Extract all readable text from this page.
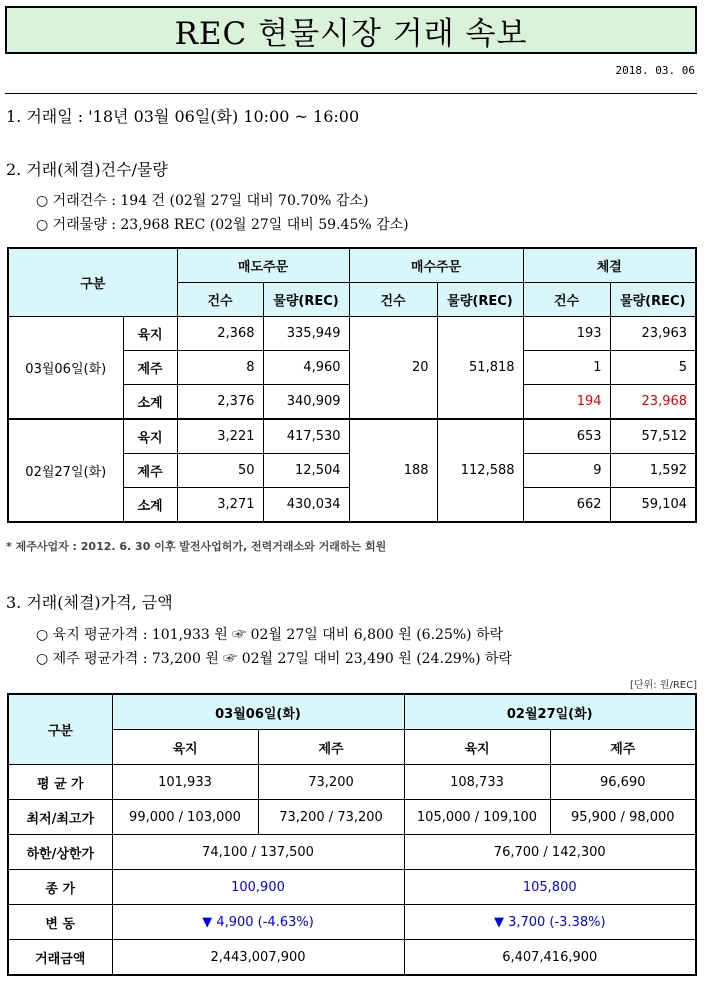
REC 현물시장 거래 속보
2018. 03. 06
1. 거래일 : '18년 03월 06일(화) 10:00 ~ 16:00
2. 거래(체결)건수/물량
○ 거래건수 : 194 건 (02월 27일 대비 70.70% 감소)
○ 거래물량 : 23,968 REC (02월 27일 대비 59.45% 감소)
구분		매도주문		매수주문		체결	
		건수	물량(REC)	건수	물량(REC)	건수	물량(REC)
03월06일(화)	육지	2,368	335,949	20	51,818	193	23,963
	제주	8	4,960			1	5
	소계	2,376	340,909			194	23,968
02월27일(화)	육지	3,221	417,530	188	112,588	653	57,512
	제주	50	12,504			9	1,592
	소계	3,271	430,034			662	59,104
* 제주사업자 : 2012. 6. 30 이후 발전사업허가, 전력거래소와 거래하는 회원
3. 거래(체결)가격, 금액
○ 육지 평균가격 : 101,933 원 ☞ 02월 27일 대비 6,800 원 (6.25%) 하락
○ 제주 평균가격 : 73,200 원 ☞ 02월 27일 대비 23,490 원 (24.29%) 하락
[단위: 원/REC]
구분	03월06일(화)		02월27일(화)	
	육지	제주	육지	제주
평 균 가	101,933	73,200	108,733	96,690
최저/최고가	99,000 / 103,000	73,200 / 73,200	105,000 / 109,100	95,900 / 98,000
하한/상한가	74,100 / 137,500		76,700 / 142,300	
종 가	100,900		105,800	
변 동	▼ 4,900 (-4.63%)		▼ 3,700 (-3.38%)	
거래금액	2,443,007,900		6,407,416,900	
